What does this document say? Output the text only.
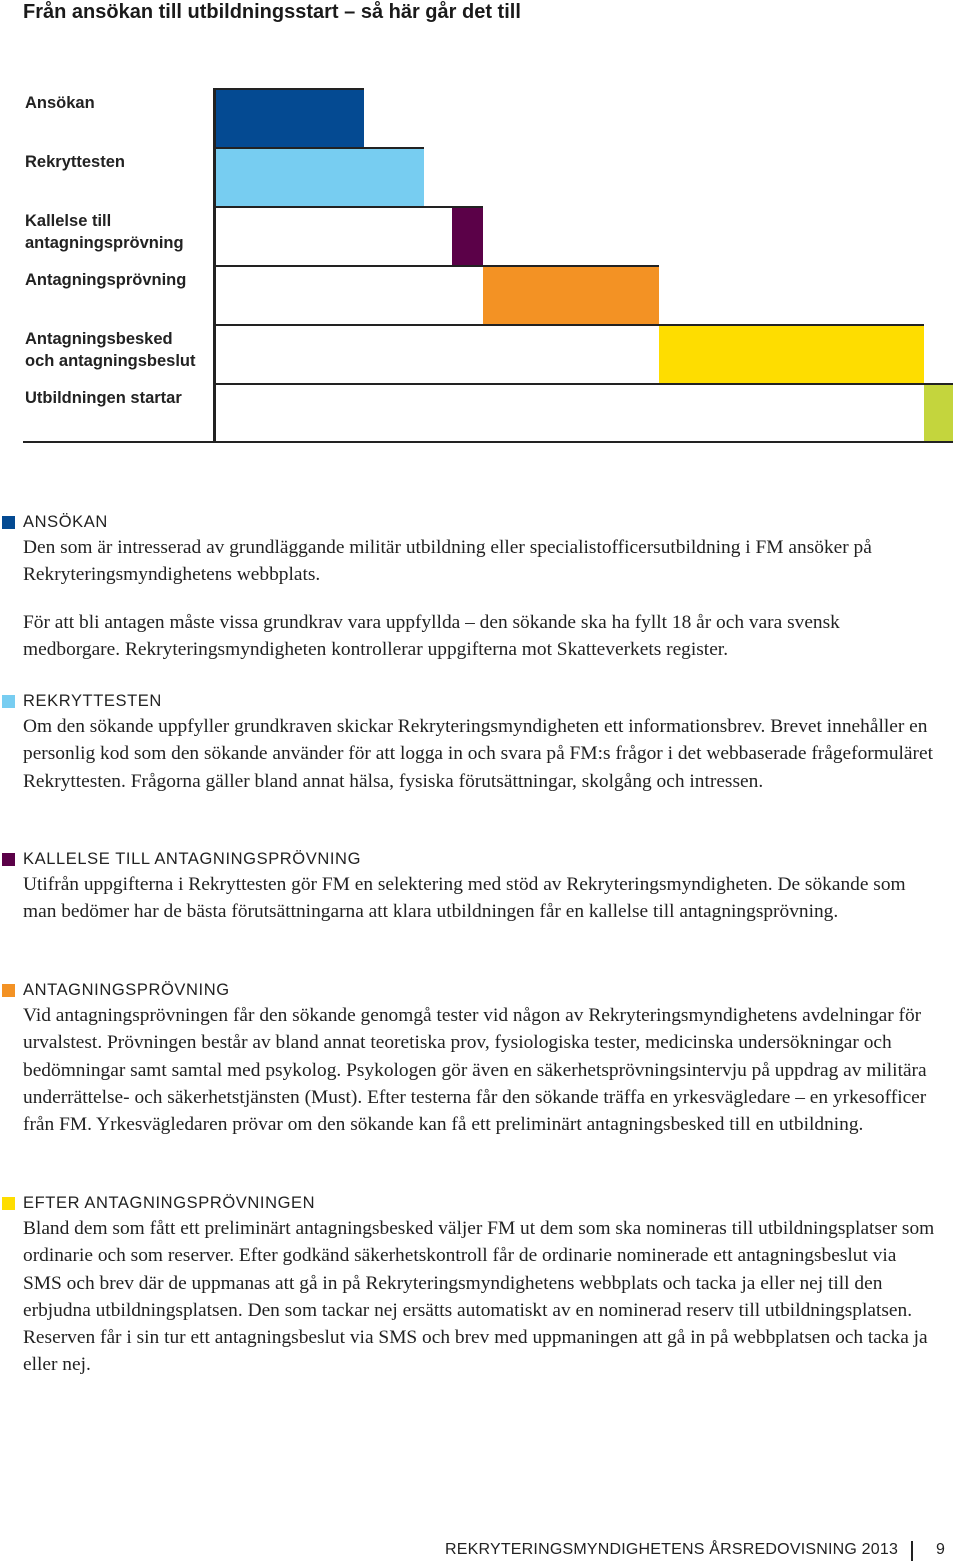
Från ansökan till utbildningsstart – så här går det till
Ansökan
Rekryttesten
Kallelse till
antagningsprövning
Antagningsprövning
Antagningsbesked
och antagningsbeslut
Utbildningen startar
ANSÖKAN

Den som är intresserad av grundläggande militär utbildning eller specialistofficersutbildning i FM ansöker på Rekryteringsmyndighetens webbplats.

För att bli antagen måste vissa grundkrav vara uppfyllda – den sökande ska ha fyllt 18 år och vara svensk medborgare. Rekryteringsmyndigheten kontrollerar uppgifterna mot Skatteverkets register.

REKRYTTESTEN

Om den sökande uppfyller grundkraven skickar Rekryteringsmyndigheten ett informationsbrev. Brevet innehåller en personlig kod som den sökande använder för att logga in och svara på FM:s frågor i det webbaserade frågeformuläret Rekryttesten. Frågorna gäller bland annat hälsa, fysiska förutsättningar, skolgång och intressen.

KALLELSE TILL ANTAGNINGSPRÖVNING

Utifrån uppgifterna i Rekryttesten gör FM en selektering med stöd av Rekryteringsmyndigheten. De sökande som man bedömer har de bästa förutsättningarna att klara utbildningen får en kallelse till antagningsprövning.

ANTAGNINGSPRÖVNING

Vid antagningsprövningen får den sökande genomgå tester vid någon av Rekryteringsmyndighetens avdelningar för urvalstest. Prövningen består av bland annat teoretiska prov, fysiologiska tester, medicinska undersökningar och bedömningar samt samtal med psykolog. Psykologen gör även en säkerhetsprövningsintervju på uppdrag av militära underrättelse- och säkerhetstjänsten (Must). Efter testerna får den sökande träffa en yrkesvägledare – en yrkesofficer från FM. Yrkesvägledaren prövar om den sökande kan få ett preliminärt antagningsbesked till en utbildning.

EFTER ANTAGNINGSPRÖVNINGEN

Bland dem som fått ett preliminärt antagningsbesked väljer FM ut dem som ska nomineras till utbildningsplatser som ordinarie och som reserver. Efter godkänd säkerhetskontroll får de ordinarie nominerade ett antagningsbeslut via SMS och brev där de uppmanas att gå in på Rekryteringsmyndighetens webbplats och tacka ja eller nej till den erbjudna utbildningsplatsen. Den som tackar nej ersätts automatiskt av en nominerad reserv till utbildningsplatsen. Reserven får i sin tur ett antagningsbeslut via SMS och brev med uppmaningen att gå in på webbplatsen och tacka ja eller nej.

REKRYTERINGSMYNDIGHETENS ÅRSREDOVISNING 2013 9
